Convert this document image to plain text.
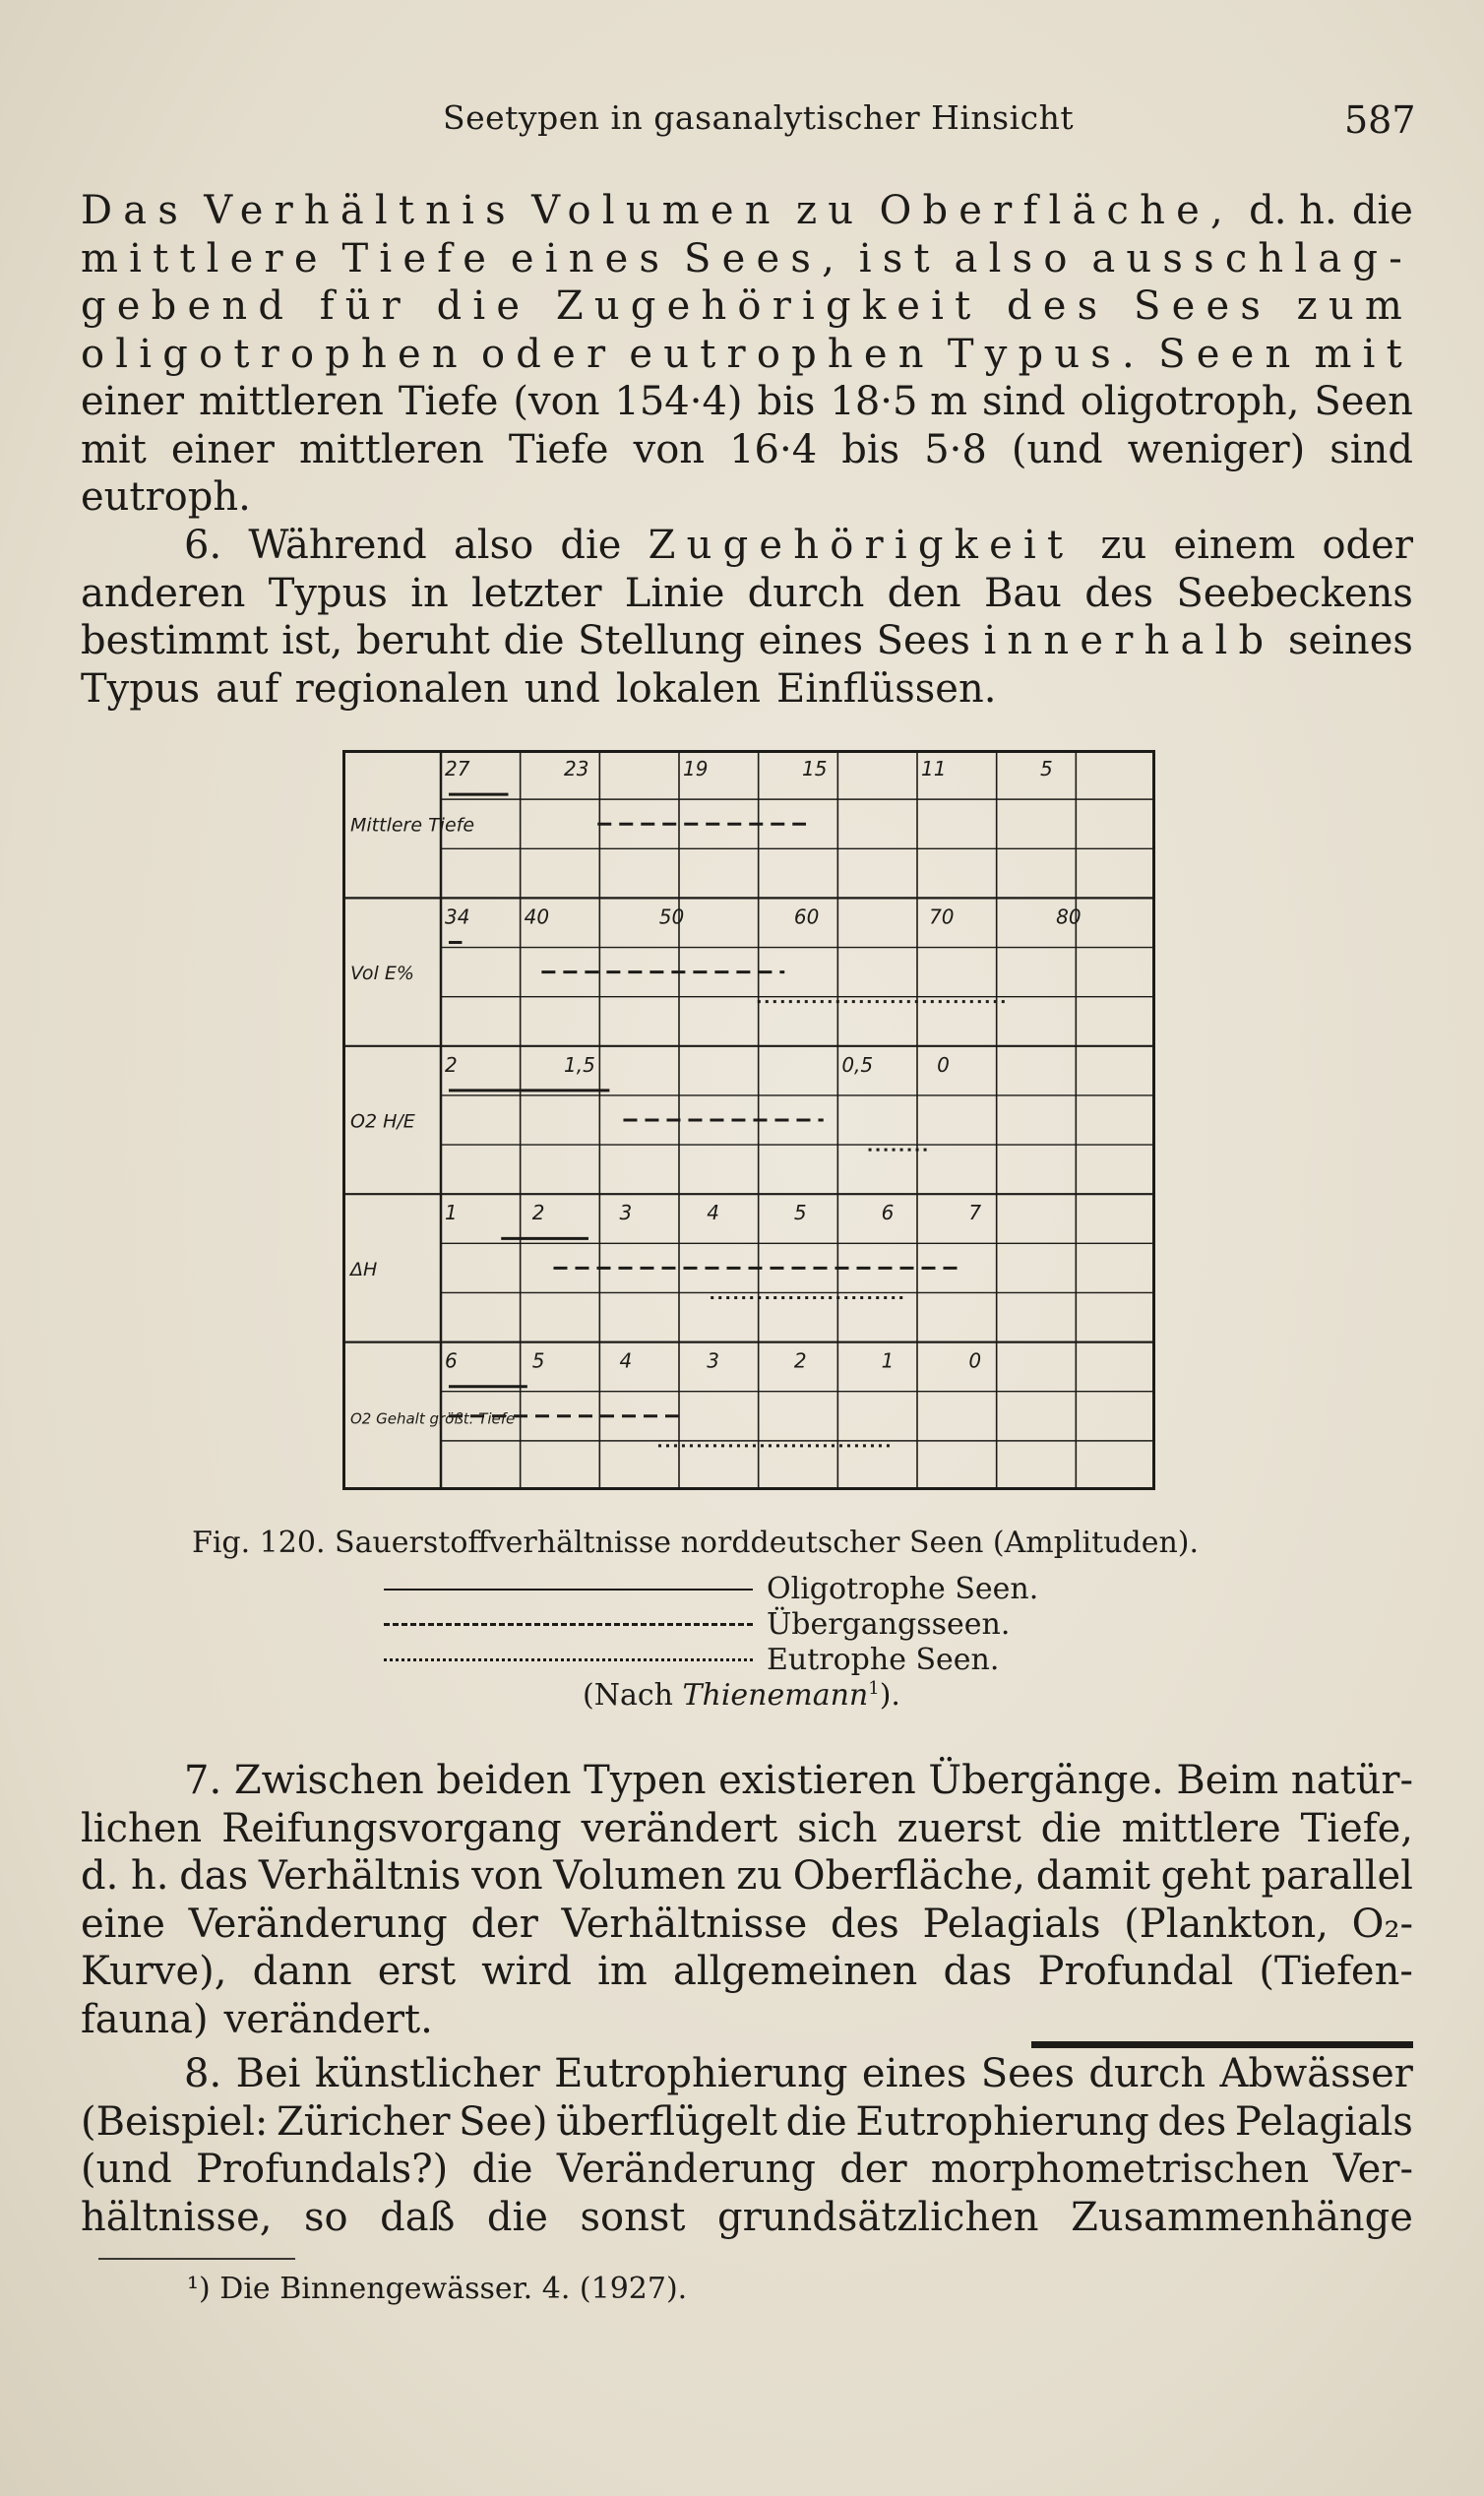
Seetypen in gasanalytischer Hinsicht	587
Das Verhältnis Volumen zu Oberfläche, d. h. die
mittlere Tiefe eines Sees, ist also ausschlag-
gebend für die Zugehörigkeit des Sees zum
oligotrophen oder eutrophen Typus. Seen mit
einer mittleren Tiefe (von 154·4) bis 18·5 m sind oligotroph, Seen
mit einer mittleren Tiefe von 16·4 bis 5·8 (und weniger) sind
eutroph.
6. Während also die Zugehörigkeit zu einem oder
anderen Typus in letzter Linie durch den Bau des Seebeckens
bestimmt ist, beruht die Stellung eines Sees innerhalb seines
Typus auf regionalen und lokalen Einflüssen.
Mittlere Tiefe
27	23	19	15	11	5
Vol E%
34	40	50	60	70	80
O2 H/E
2	1,5	0,5	0
ΔH
1	2	3	4	5	6	7
O2 Gehalt größt. Tiefe
6	5	4	3	2	1	0
Fig. 120. Sauerstoffverhältnisse norddeutscher Seen (Amplituden).
Oligotrophe Seen.
Übergangsseen.
Eutrophe Seen.
(Nach Thienemann$^1$).
7. Zwischen beiden Typen existieren Übergänge. Beim natür-
lichen Reifungsvorgang verändert sich zuerst die mittlere Tiefe,
d. h. das Verhältnis von Volumen zu Oberfläche, damit geht parallel
eine Veränderung der Verhältnisse des Pelagials (Plankton, O₂-
Kurve), dann erst wird im allgemeinen das Profundal (Tiefen-
fauna) verändert.
8. Bei künstlicher Eutrophierung eines Sees durch Abwässer
(Beispiel: Züricher See) überflügelt die Eutrophierung des Pelagials
(und Profundals?) die Veränderung der morphometrischen Ver-
hältnisse, so daß die sonst grundsätzlichen Zusammenhänge
¹) Die Binnengewässer. 4. (1927).
